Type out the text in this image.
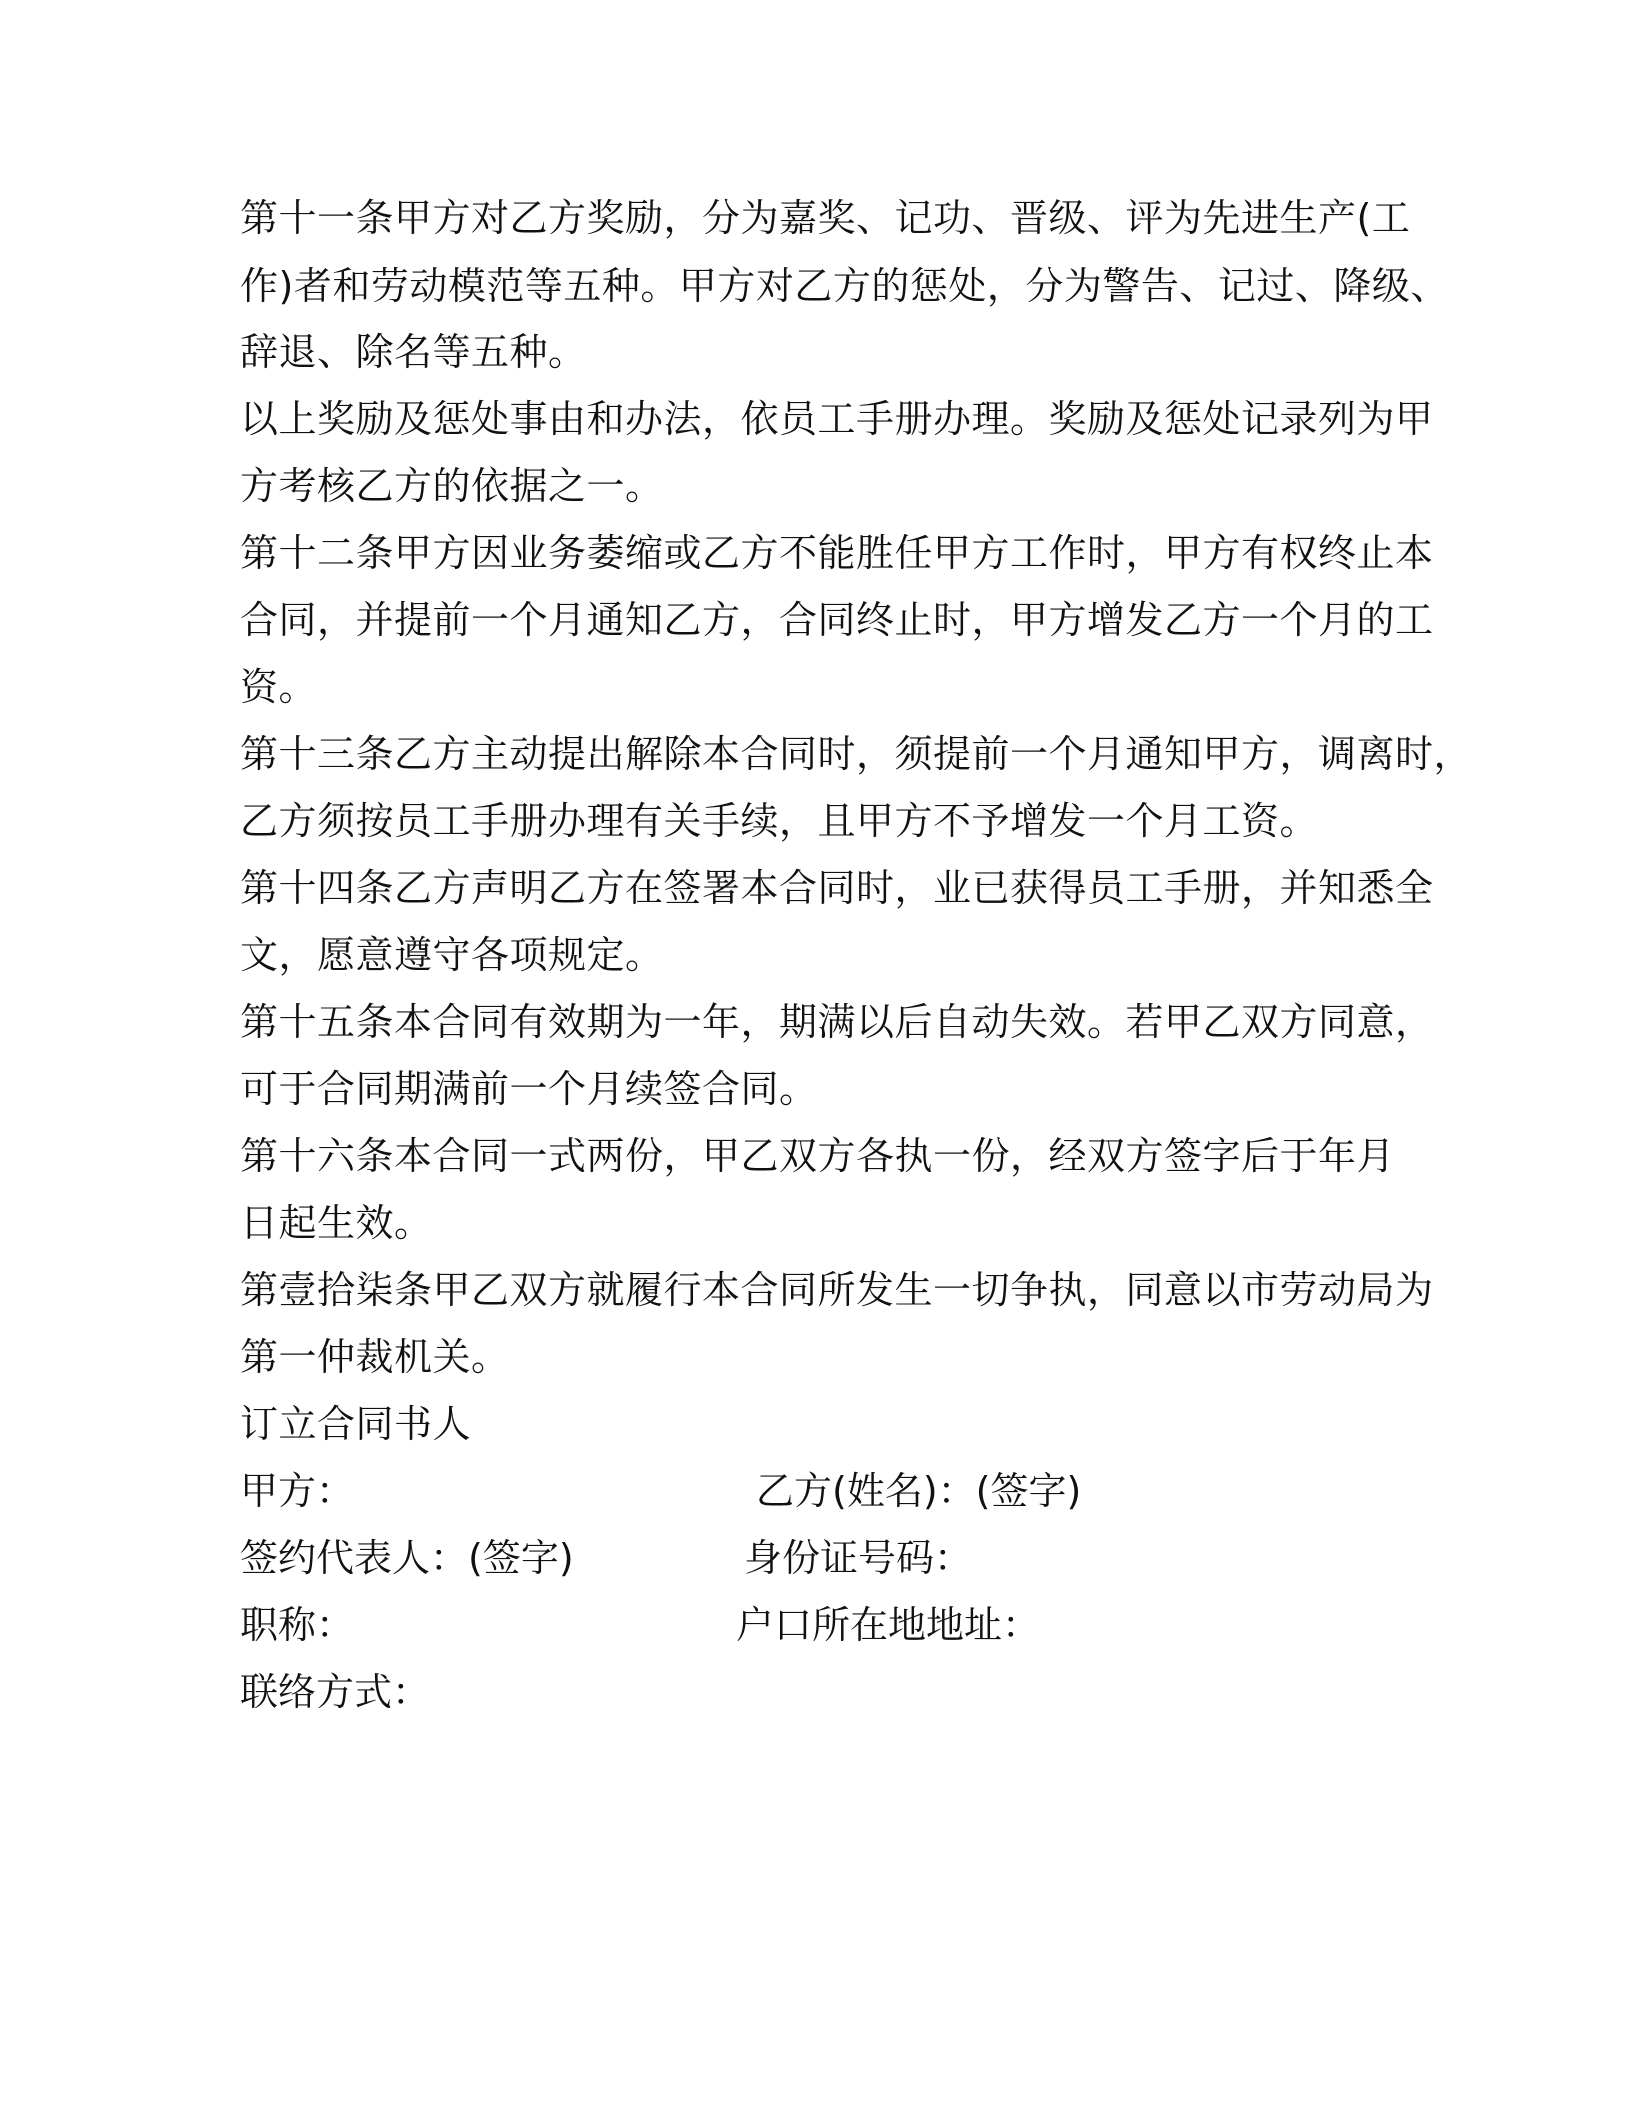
第十一条甲方对乙方奖励，分为嘉奖、记功、晋级、评为先进生产(工
作)者和劳动模范等五种。甲方对乙方的惩处，分为警告、记过、降级、
辞退、除名等五种。
以上奖励及惩处事由和办法，依员工手册办理。奖励及惩处记录列为甲
方考核乙方的依据之一。
第十二条甲方因业务萎缩或乙方不能胜任甲方工作时，甲方有权终止本
合同，并提前一个月通知乙方，合同终止时，甲方增发乙方一个月的工
资。
第十三条乙方主动提出解除本合同时，须提前一个月通知甲方，调离时，
乙方须按员工手册办理有关手续，且甲方不予增发一个月工资。
第十四条乙方声明乙方在签署本合同时，业已获得员工手册，并知悉全
文，愿意遵守各项规定。
第十五条本合同有效期为一年，期满以后自动失效。若甲乙双方同意，
可于合同期满前一个月续签合同。
第十六条本合同一式两份，甲乙双方各执一份，经双方签字后于年月
日起生效。
第壹拾柒条甲乙双方就履行本合同所发生一切争执，同意以市劳动局为
第一仲裁机关。
订立合同书人
甲方：	乙方(姓名)：(签字)
签约代表人：(签字)	身份证号码：
职称：	户口所在地地址：
联络方式：
